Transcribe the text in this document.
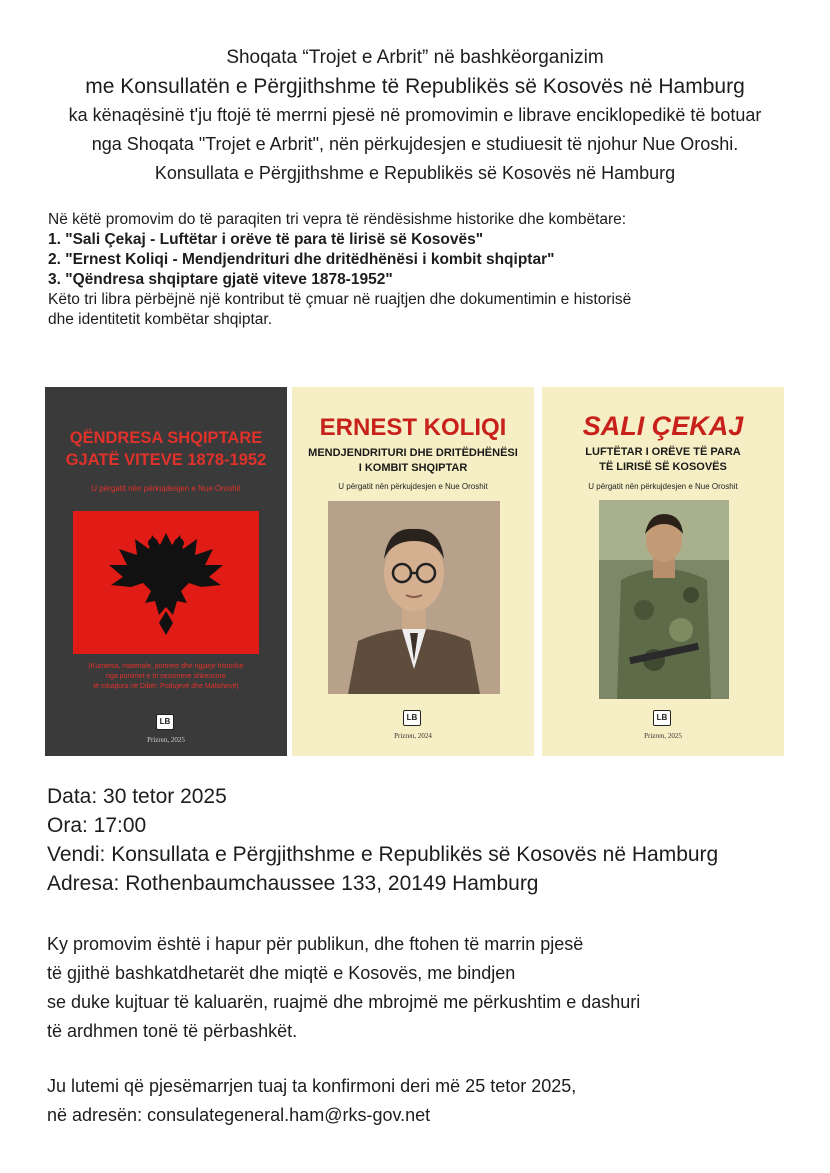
Shoqata “Trojet e Arbrit” në bashkëorganizim
me Konsullatën e Përgjithshme të Republikës së Kosovës në Hamburg
ka kënaqësinë t'ju ftojë të merrni pjesë në promovimin e librave enciklopedikë të botuar
nga Shoqata "Trojet e Arbrit", nën përkujdesjen e studiuesit të njohur Nue Oroshi.
Konsullata e Përgjithshme e Republikës së Kosovës në Hamburg
Në këtë promovim do të paraqiten tri vepra të rëndësishme historike dhe kombëtare:
1. "Sali Çekaj - Luftëtar i orëve të para të lirisë së Kosovës"
2. "Ernest Koliqi - Mendjendrituri dhe dritëdhënësi i kombit shqiptar"
3. "Qëndresa shqiptare gjatë viteve 1878-1952"
Këto tri libra përbëjnë një kontribut të çmuar në ruajtjen dhe dokumentimin e historisë
dhe identitetit kombëtar shqiptar.
QËNDRESA SHQIPTARE
GJATË VITEVE 1878-1952
U përgatit nën përkujdesjen e Nue Oroshit
(Kumtesa, materiale, portrete dhe ngjarje historike
nga punimet e tri sesioneve shkencore
të mbajtura në Dibër, Podujevë dhe Malishevë)
LB
Prizren, 2025
ERNEST KOLIQI
MENDJENDRITURI DHE DRITËDHËNËSI
I KOMBIT SHQIPTAR
U përgatit nën përkujdesjen e Nue Oroshit
LB
Prizren, 2024
SALI ÇEKAJ
LUFTËTAR I ORËVE TË PARA
TË LIRISË SË KOSOVËS
U përgatit nën përkujdesjen e Nue Oroshit
LB
Prizren, 2025
Data: 30 tetor 2025
Ora: 17:00
Vendi: Konsullata e Përgjithshme e Republikës së Kosovës në Hamburg
Adresa: Rothenbaumchaussee 133, 20149 Hamburg
Ky promovim është i hapur për publikun, dhe ftohen të marrin pjesë
të gjithë bashkatdhetarët dhe miqtë e Kosovës, me bindjen
se duke kujtuar të kaluarën, ruajmë dhe mbrojmë me përkushtim e dashuri
të ardhmen tonë të përbashkët.
Ju lutemi që pjesëmarrjen tuaj ta konfirmoni deri më 25 tetor 2025,
në adresën: consulategeneral.ham@rks-gov.net
